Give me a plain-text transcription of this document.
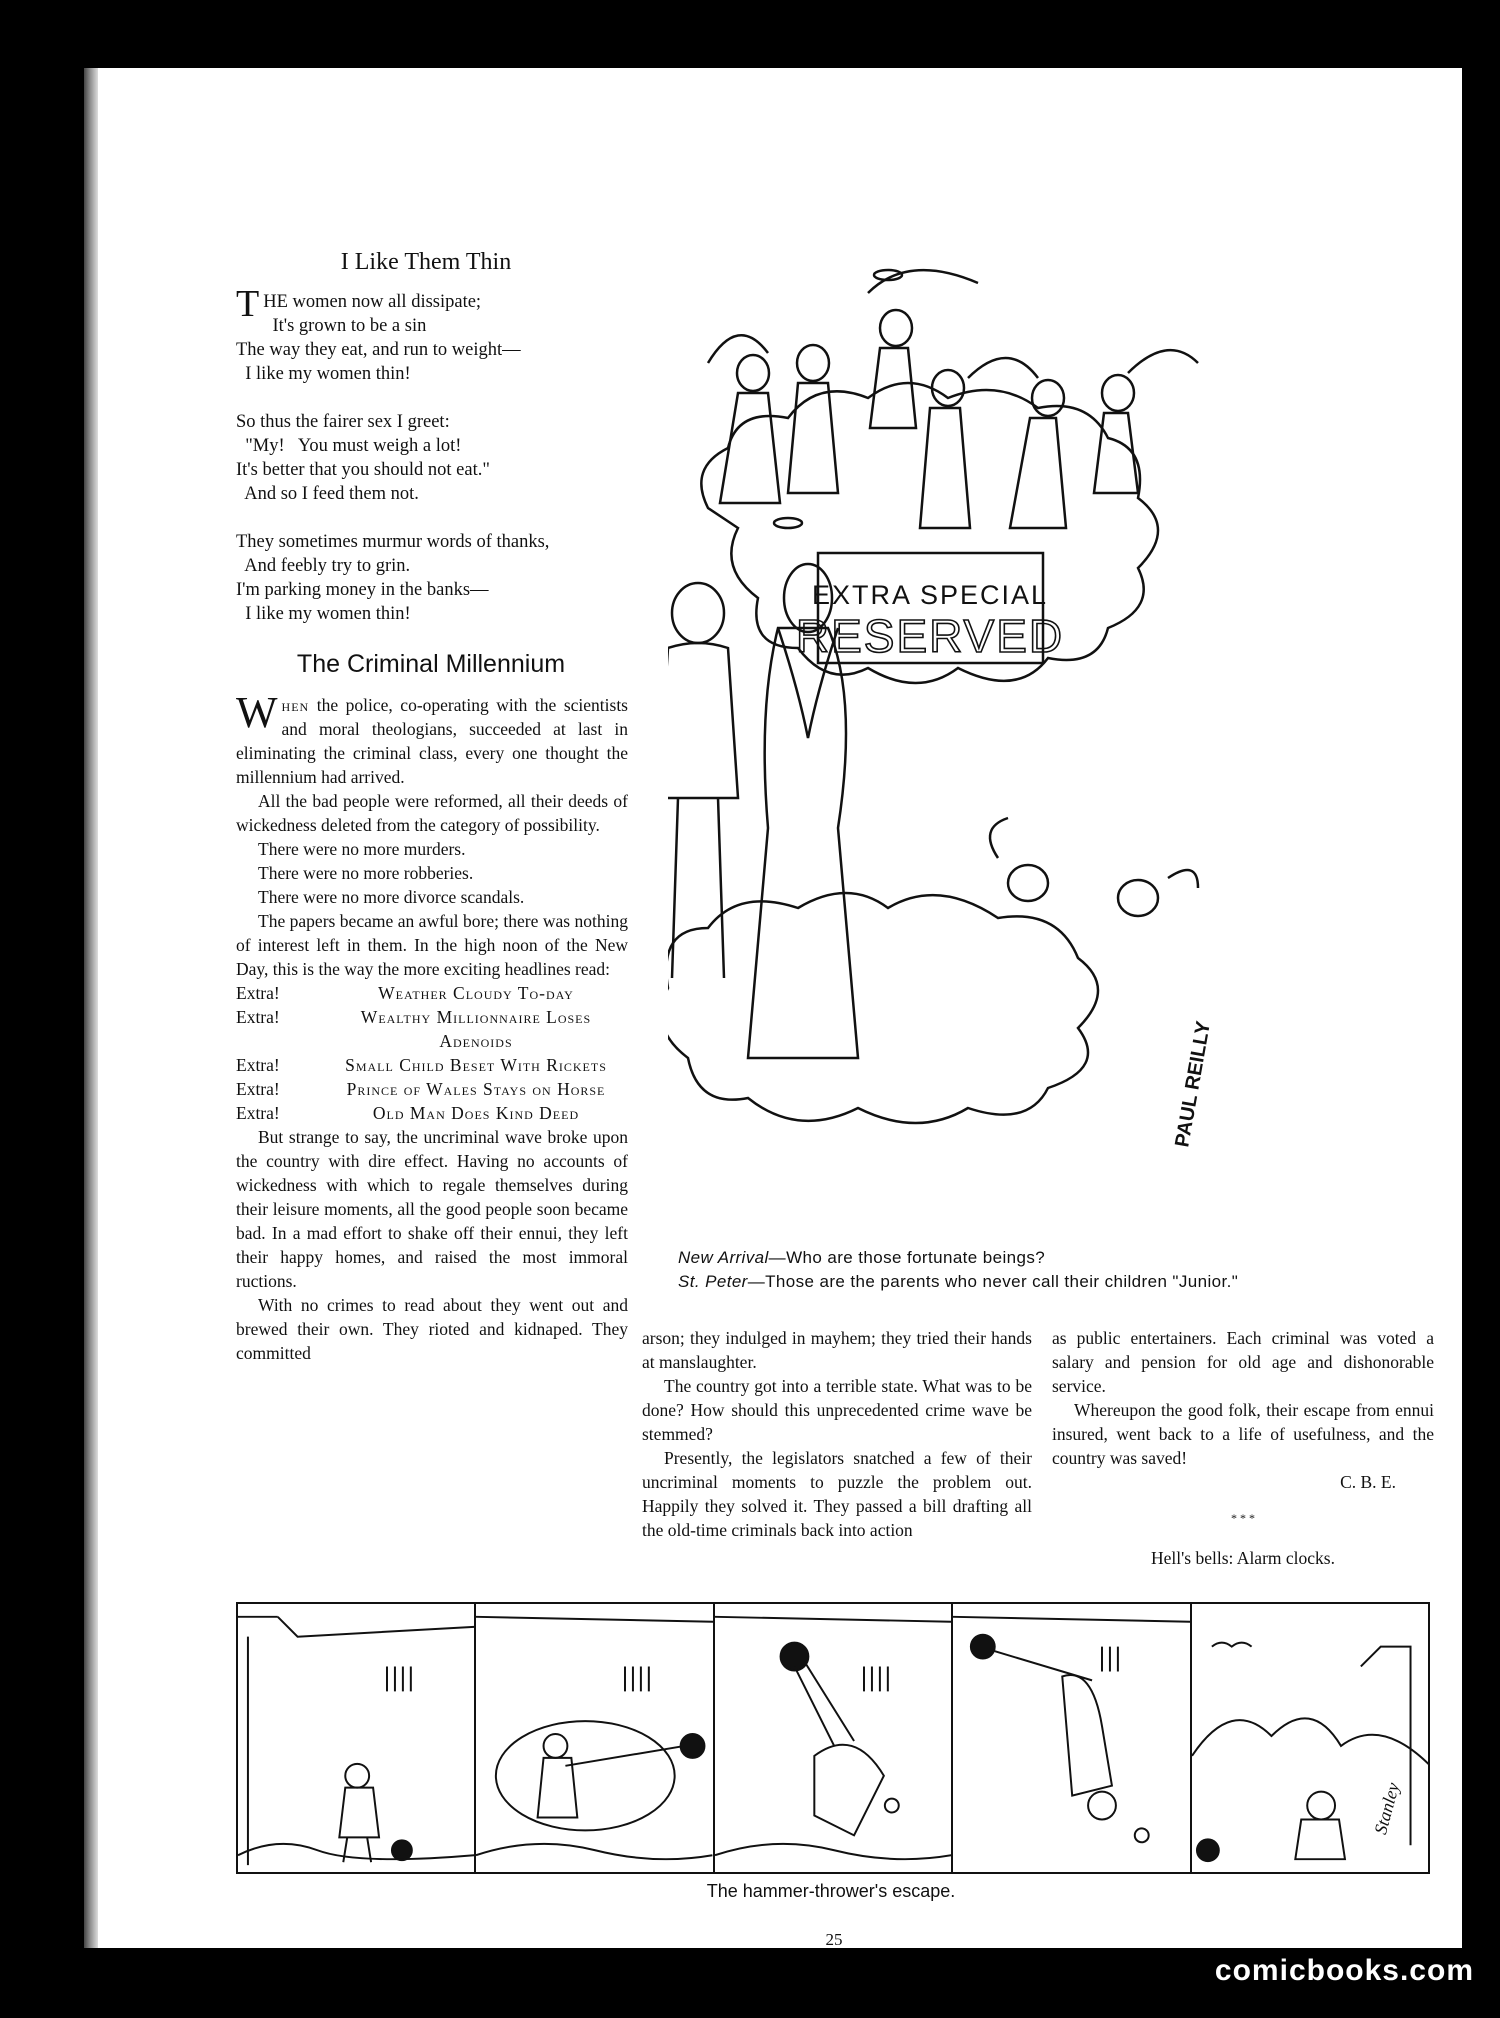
I Like Them Thin
T HE women now all dissipate;
It's grown to be a sin
The way they eat, and run to weight—
I like my women thin!
So thus the fairer sex I greet:
"My!   You must weigh a lot!
It's better that you should not eat."
And so I feed them not.
They sometimes murmur words of thanks,
And feebly try to grin.
I'm parking money in the banks—
I like my women thin!
The Criminal Millennium

When the police, co-operating with the scientists and moral theologians, succeeded at last in eliminating the criminal class, every one thought the millennium had arrived.

All the bad people were reformed, all their deeds of wickedness deleted from the category of possibility.

There were no more murders.

There were no more robberies.

There were no more divorce scandals.

The papers became an awful bore; there was nothing of interest left in them. In the high noon of the New Day, this is the way the more exciting headlines read:

Extra!	Weather Cloudy To-day
Extra!	Wealthy Millionnaire Loses Adenoids
Extra!	Small Child Beset With Rickets
Extra!	Prince of Wales Stays on Horse
Extra!	Old Man Does Kind Deed

But strange to say, the uncriminal wave broke upon the country with dire effect. Having no accounts of wickedness with which to regale themselves during their leisure moments, all the good people soon became bad. In a mad effort to shake off their ennui, they left their happy homes, and raised the most immoral ructions.

With no crimes to read about they went out and brewed their own. They rioted and kidnaped. They committed

arson; they indulged in mayhem; they tried their hands at manslaughter.

The country got into a terrible state. What was to be done? How should this unprecedented crime wave be stemmed?

Presently, the legislators snatched a few of their uncriminal moments to puzzle the problem out. Happily they solved it. They passed a bill drafting all the old-time criminals back into action

as public entertainers. Each criminal was voted a salary and pension for old age and dishonorable service.

Whereupon the good folk, their escape from ennui insured, went back to a life of usefulness, and the country was saved!

C. B. E.
* * *
Hell's bells: Alarm clocks.
EXTRA SPECIAL
RESERVED
PAUL REILLY
New Arrival—Who are those fortunate beings?
St. Peter—Those are the parents who never call their children "Junior."
Stanley
The hammer-thrower's escape.
25
comicbooks.com
